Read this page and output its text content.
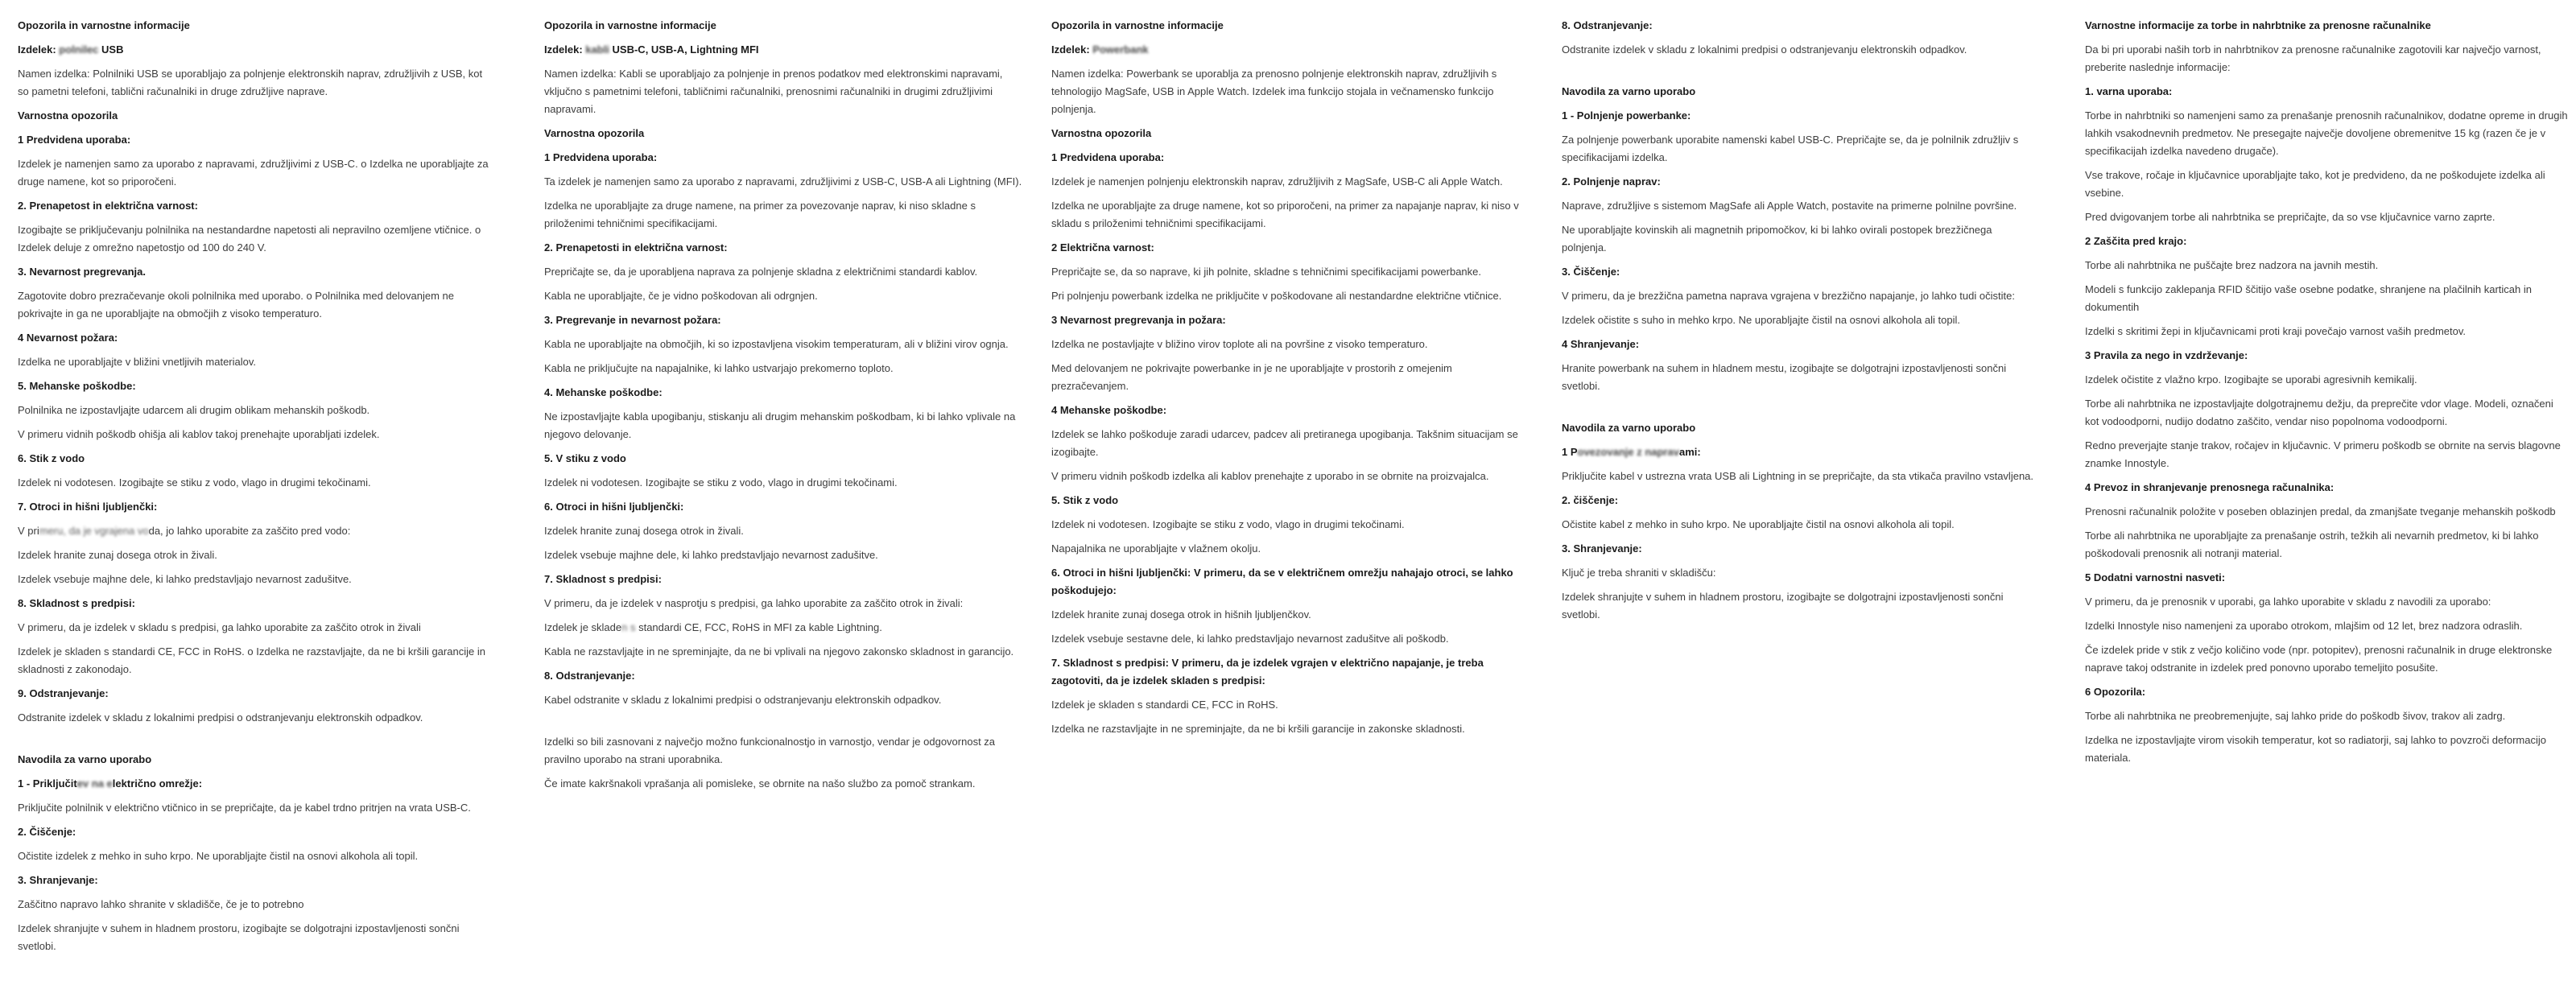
Opozorila in varnostne informacije
Izdelek: polnilec USB
Namen izdelka: Polnilniki USB se uporabljajo za polnjenje elektronskih naprav, združljivih z USB, kot so pametni telefoni, tablični računalniki in druge združljive naprave.
Varnostna opozorila
1 Predvidena uporaba:
Izdelek je namenjen samo za uporabo z napravami, združljivimi z USB-C. o Izdelka ne uporabljajte za druge namene, kot so priporočeni.
2. Prenapetost in električna varnost:
Izogibajte se priključevanju polnilnika na nestandardne napetosti ali nepravilno ozemljene vtičnice. o Izdelek deluje z omrežno napetostjo od 100 do 240 V.
3. Nevarnost pregrevanja.
Zagotovite dobro prezračevanje okoli polnilnika med uporabo. o Polnilnika med delovanjem ne pokrivajte in ga ne uporabljajte na območjih z visoko temperaturo.
4 Nevarnost požara:
Izdelka ne uporabljajte v bližini vnetljivih materialov.
5. Mehanske poškodbe:
Polnilnika ne izpostavljajte udarcem ali drugim oblikam mehanskih poškodb.
V primeru vidnih poškodb ohišja ali kablov takoj prenehajte uporabljati izdelek.
6. Stik z vodo
Izdelek ni vodotesen. Izogibajte se stiku z vodo, vlago in drugimi tekočinami.
7. Otroci in hišni ljubljenčki:
V primeru, da je vgrajena voda, jo lahko uporabite za zaščito pred vodo:
Izdelek hranite zunaj dosega otrok in živali.
Izdelek vsebuje majhne dele, ki lahko predstavljajo nevarnost zadušitve.
8. Skladnost s predpisi:
V primeru, da je izdelek v skladu s predpisi, ga lahko uporabite za zaščito otrok in živali
Izdelek je skladen s standardi CE, FCC in RoHS. o Izdelka ne razstavljajte, da ne bi kršili garancije in skladnosti z zakonodajo.
9. Odstranjevanje:
Odstranite izdelek v skladu z lokalnimi predpisi o odstranjevanju elektronskih odpadkov.
Navodila za varno uporabo
1 - Priključitev na električno omrežje:
Priključite polnilnik v električno vtičnico in se prepričajte, da je kabel trdno pritrjen na vrata USB-C.
2. Čiščenje:
Očistite izdelek z mehko in suho krpo. Ne uporabljajte čistil na osnovi alkohola ali topil.
3. Shranjevanje:
Zaščitno napravo lahko shranite v skladišče, če je to potrebno
Izdelek shranjujte v suhem in hladnem prostoru, izogibajte se dolgotrajni izpostavljenosti sončni svetlobi.
Opozorila in varnostne informacije
Izdelek: kabli USB-C, USB-A, Lightning MFI
Namen izdelka: Kabli se uporabljajo za polnjenje in prenos podatkov med elektronskimi napravami, vključno s pametnimi telefoni, tabličnimi računalniki, prenosnimi računalniki in drugimi združljivimi napravami.
Varnostna opozorila
1 Predvidena uporaba:
Ta izdelek je namenjen samo za uporabo z napravami, združljivimi z USB-C, USB-A ali Lightning (MFI).
Izdelka ne uporabljajte za druge namene, na primer za povezovanje naprav, ki niso skladne s priloženimi tehničnimi specifikacijami.
2. Prenapetosti in električna varnost:
Prepričajte se, da je uporabljena naprava za polnjenje skladna z električnimi standardi kablov.
Kabla ne uporabljajte, če je vidno poškodovan ali odrgnjen.
3. Pregrevanje in nevarnost požara:
Kabla ne uporabljajte na območjih, ki so izpostavljena visokim temperaturam, ali v bližini virov ognja.
Kabla ne priključujte na napajalnike, ki lahko ustvarjajo prekomerno toploto.
4. Mehanske poškodbe:
Ne izpostavljajte kabla upogibanju, stiskanju ali drugim mehanskim poškodbam, ki bi lahko vplivale na njegovo delovanje.
5. V stiku z vodo
Izdelek ni vodotesen. Izogibajte se stiku z vodo, vlago in drugimi tekočinami.
6. Otroci in hišni ljubljenčki:
Izdelek hranite zunaj dosega otrok in živali.
Izdelek vsebuje majhne dele, ki lahko predstavljajo nevarnost zadušitve.
7. Skladnost s predpisi:
V primeru, da je izdelek v nasprotju s predpisi, ga lahko uporabite za zaščito otrok in živali:
Izdelek je skladen s standardi CE, FCC, RoHS in MFI za kable Lightning.
Kabla ne razstavljajte in ne spreminjajte, da ne bi vplivali na njegovo zakonsko skladnost in garancijo.
8. Odstranjevanje:
Kabel odstranite v skladu z lokalnimi predpisi o odstranjevanju elektronskih odpadkov.
Izdelki so bili zasnovani z največjo možno funkcionalnostjo in varnostjo, vendar je odgovornost za pravilno uporabo na strani uporabnika.
Če imate kakršnakoli vprašanja ali pomisleke, se obrnite na našo službo za pomoč strankam.
Opozorila in varnostne informacije
Izdelek: Powerbank
Namen izdelka: Powerbank se uporablja za prenosno polnjenje elektronskih naprav, združljivih s tehnologijo MagSafe, USB in Apple Watch. Izdelek ima funkcijo stojala in večnamensko funkcijo polnjenja.
Varnostna opozorila
1 Predvidena uporaba:
Izdelek je namenjen polnjenju elektronskih naprav, združljivih z MagSafe, USB-C ali Apple Watch.
Izdelka ne uporabljajte za druge namene, kot so priporočeni, na primer za napajanje naprav, ki niso v skladu s priloženimi tehničnimi specifikacijami.
2 Električna varnost:
Prepričajte se, da so naprave, ki jih polnite, skladne s tehničnimi specifikacijami powerbanke.
Pri polnjenju powerbank izdelka ne priključite v poškodovane ali nestandardne električne vtičnice.
3 Nevarnost pregrevanja in požara:
Izdelka ne postavljajte v bližino virov toplote ali na površine z visoko temperaturo.
Med delovanjem ne pokrivajte powerbanke in je ne uporabljajte v prostorih z omejenim prezračevanjem.
4 Mehanske poškodbe:
Izdelek se lahko poškoduje zaradi udarcev, padcev ali pretiranega upogibanja. Takšnim situacijam se izogibajte.
V primeru vidnih poškodb izdelka ali kablov prenehajte z uporabo in se obrnite na proizvajalca.
5. Stik z vodo
Izdelek ni vodotesen. Izogibajte se stiku z vodo, vlago in drugimi tekočinami.
Napajalnika ne uporabljajte v vlažnem okolju.
6. Otroci in hišni ljubljenčki: V primeru, da se v električnem omrežju nahajajo otroci, se lahko poškodujejo:
Izdelek hranite zunaj dosega otrok in hišnih ljubljenčkov.
Izdelek vsebuje sestavne dele, ki lahko predstavljajo nevarnost zadušitve ali poškodb.
7. Skladnost s predpisi: V primeru, da je izdelek vgrajen v električno napajanje, je treba zagotoviti, da je izdelek skladen s predpisi:
Izdelek je skladen s standardi CE, FCC in RoHS.
Izdelka ne razstavljajte in ne spreminjajte, da ne bi kršili garancije in zakonske skladnosti.
8. Odstranjevanje:
Odstranite izdelek v skladu z lokalnimi predpisi o odstranjevanju elektronskih odpadkov.
Navodila za varno uporabo
1 - Polnjenje powerbanke:
Za polnjenje powerbank uporabite namenski kabel USB-C. Prepričajte se, da je polnilnik združljiv s specifikacijami izdelka.
2. Polnjenje naprav:
Naprave, združljive s sistemom MagSafe ali Apple Watch, postavite na primerne polnilne površine.
Ne uporabljajte kovinskih ali magnetnih pripomočkov, ki bi lahko ovirali postopek brezžičnega polnjenja.
3. Čiščenje:
V primeru, da je brezžična pametna naprava vgrajena v brezžično napajanje, jo lahko tudi očistite:
Izdelek očistite s suho in mehko krpo. Ne uporabljajte čistil na osnovi alkohola ali topil.
4 Shranjevanje:
Hranite powerbank na suhem in hladnem mestu, izogibajte se dolgotrajni izpostavljenosti sončni svetlobi.
Navodila za varno uporabo
1 Povezovanje z napravami:
Priključite kabel v ustrezna vrata USB ali Lightning in se prepričajte, da sta vtikača pravilno vstavljena.
2. čiščenje:
Očistite kabel z mehko in suho krpo. Ne uporabljajte čistil na osnovi alkohola ali topil.
3. Shranjevanje:
Ključ je treba shraniti v skladišču:
Izdelek shranjujte v suhem in hladnem prostoru, izogibajte se dolgotrajni izpostavljenosti sončni svetlobi.
Varnostne informacije za torbe in nahrbtnike za prenosne računalnike
Da bi pri uporabi naših torb in nahrbtnikov za prenosne računalnike zagotovili kar največjo varnost, preberite naslednje informacije:
1. varna uporaba:
Torbe in nahrbtniki so namenjeni samo za prenašanje prenosnih računalnikov, dodatne opreme in drugih lahkih vsakodnevnih predmetov. Ne presegajte največje dovoljene obremenitve 15 kg (razen če je v specifikacijah izdelka navedeno drugače).
Vse trakove, ročaje in ključavnice uporabljajte tako, kot je predvideno, da ne poškodujete izdelka ali vsebine.
Pred dvigovanjem torbe ali nahrbtnika se prepričajte, da so vse ključavnice varno zaprte.
2 Zaščita pred krajo:
Torbe ali nahrbtnika ne puščajte brez nadzora na javnih mestih.
Modeli s funkcijo zaklepanja RFID ščitijo vaše osebne podatke, shranjene na plačilnih karticah in dokumentih
Izdelki s skritimi žepi in ključavnicami proti kraji povečajo varnost vaših predmetov.
3 Pravila za nego in vzdrževanje:
Izdelek očistite z vlažno krpo. Izogibajte se uporabi agresivnih kemikalij.
Torbe ali nahrbtnika ne izpostavljajte dolgotrajnemu dežju, da preprečite vdor vlage. Modeli, označeni kot vodoodporni, nudijo dodatno zaščito, vendar niso popolnoma vodoodporni.
Redno preverjajte stanje trakov, ročajev in ključavnic. V primeru poškodb se obrnite na servis blagovne znamke Innostyle.
4 Prevoz in shranjevanje prenosnega računalnika:
Prenosni računalnik položite v poseben oblazinjen predal, da zmanjšate tveganje mehanskih poškodb
Torbe ali nahrbtnika ne uporabljajte za prenašanje ostrih, težkih ali nevarnih predmetov, ki bi lahko poškodovali prenosnik ali notranji material.
5 Dodatni varnostni nasveti:
V primeru, da je prenosnik v uporabi, ga lahko uporabite v skladu z navodili za uporabo:
Izdelki Innostyle niso namenjeni za uporabo otrokom, mlajšim od 12 let, brez nadzora odraslih.
Če izdelek pride v stik z večjo količino vode (npr. potopitev), prenosni računalnik in druge elektronske naprave takoj odstranite in izdelek pred ponovno uporabo temeljito posušite.
6 Opozorila:
Torbe ali nahrbtnika ne preobremenjujte, saj lahko pride do poškodb šivov, trakov ali zadrg.
Izdelka ne izpostavljajte virom visokih temperatur, kot so radiatorji, saj lahko to povzroči deformacijo materiala.
